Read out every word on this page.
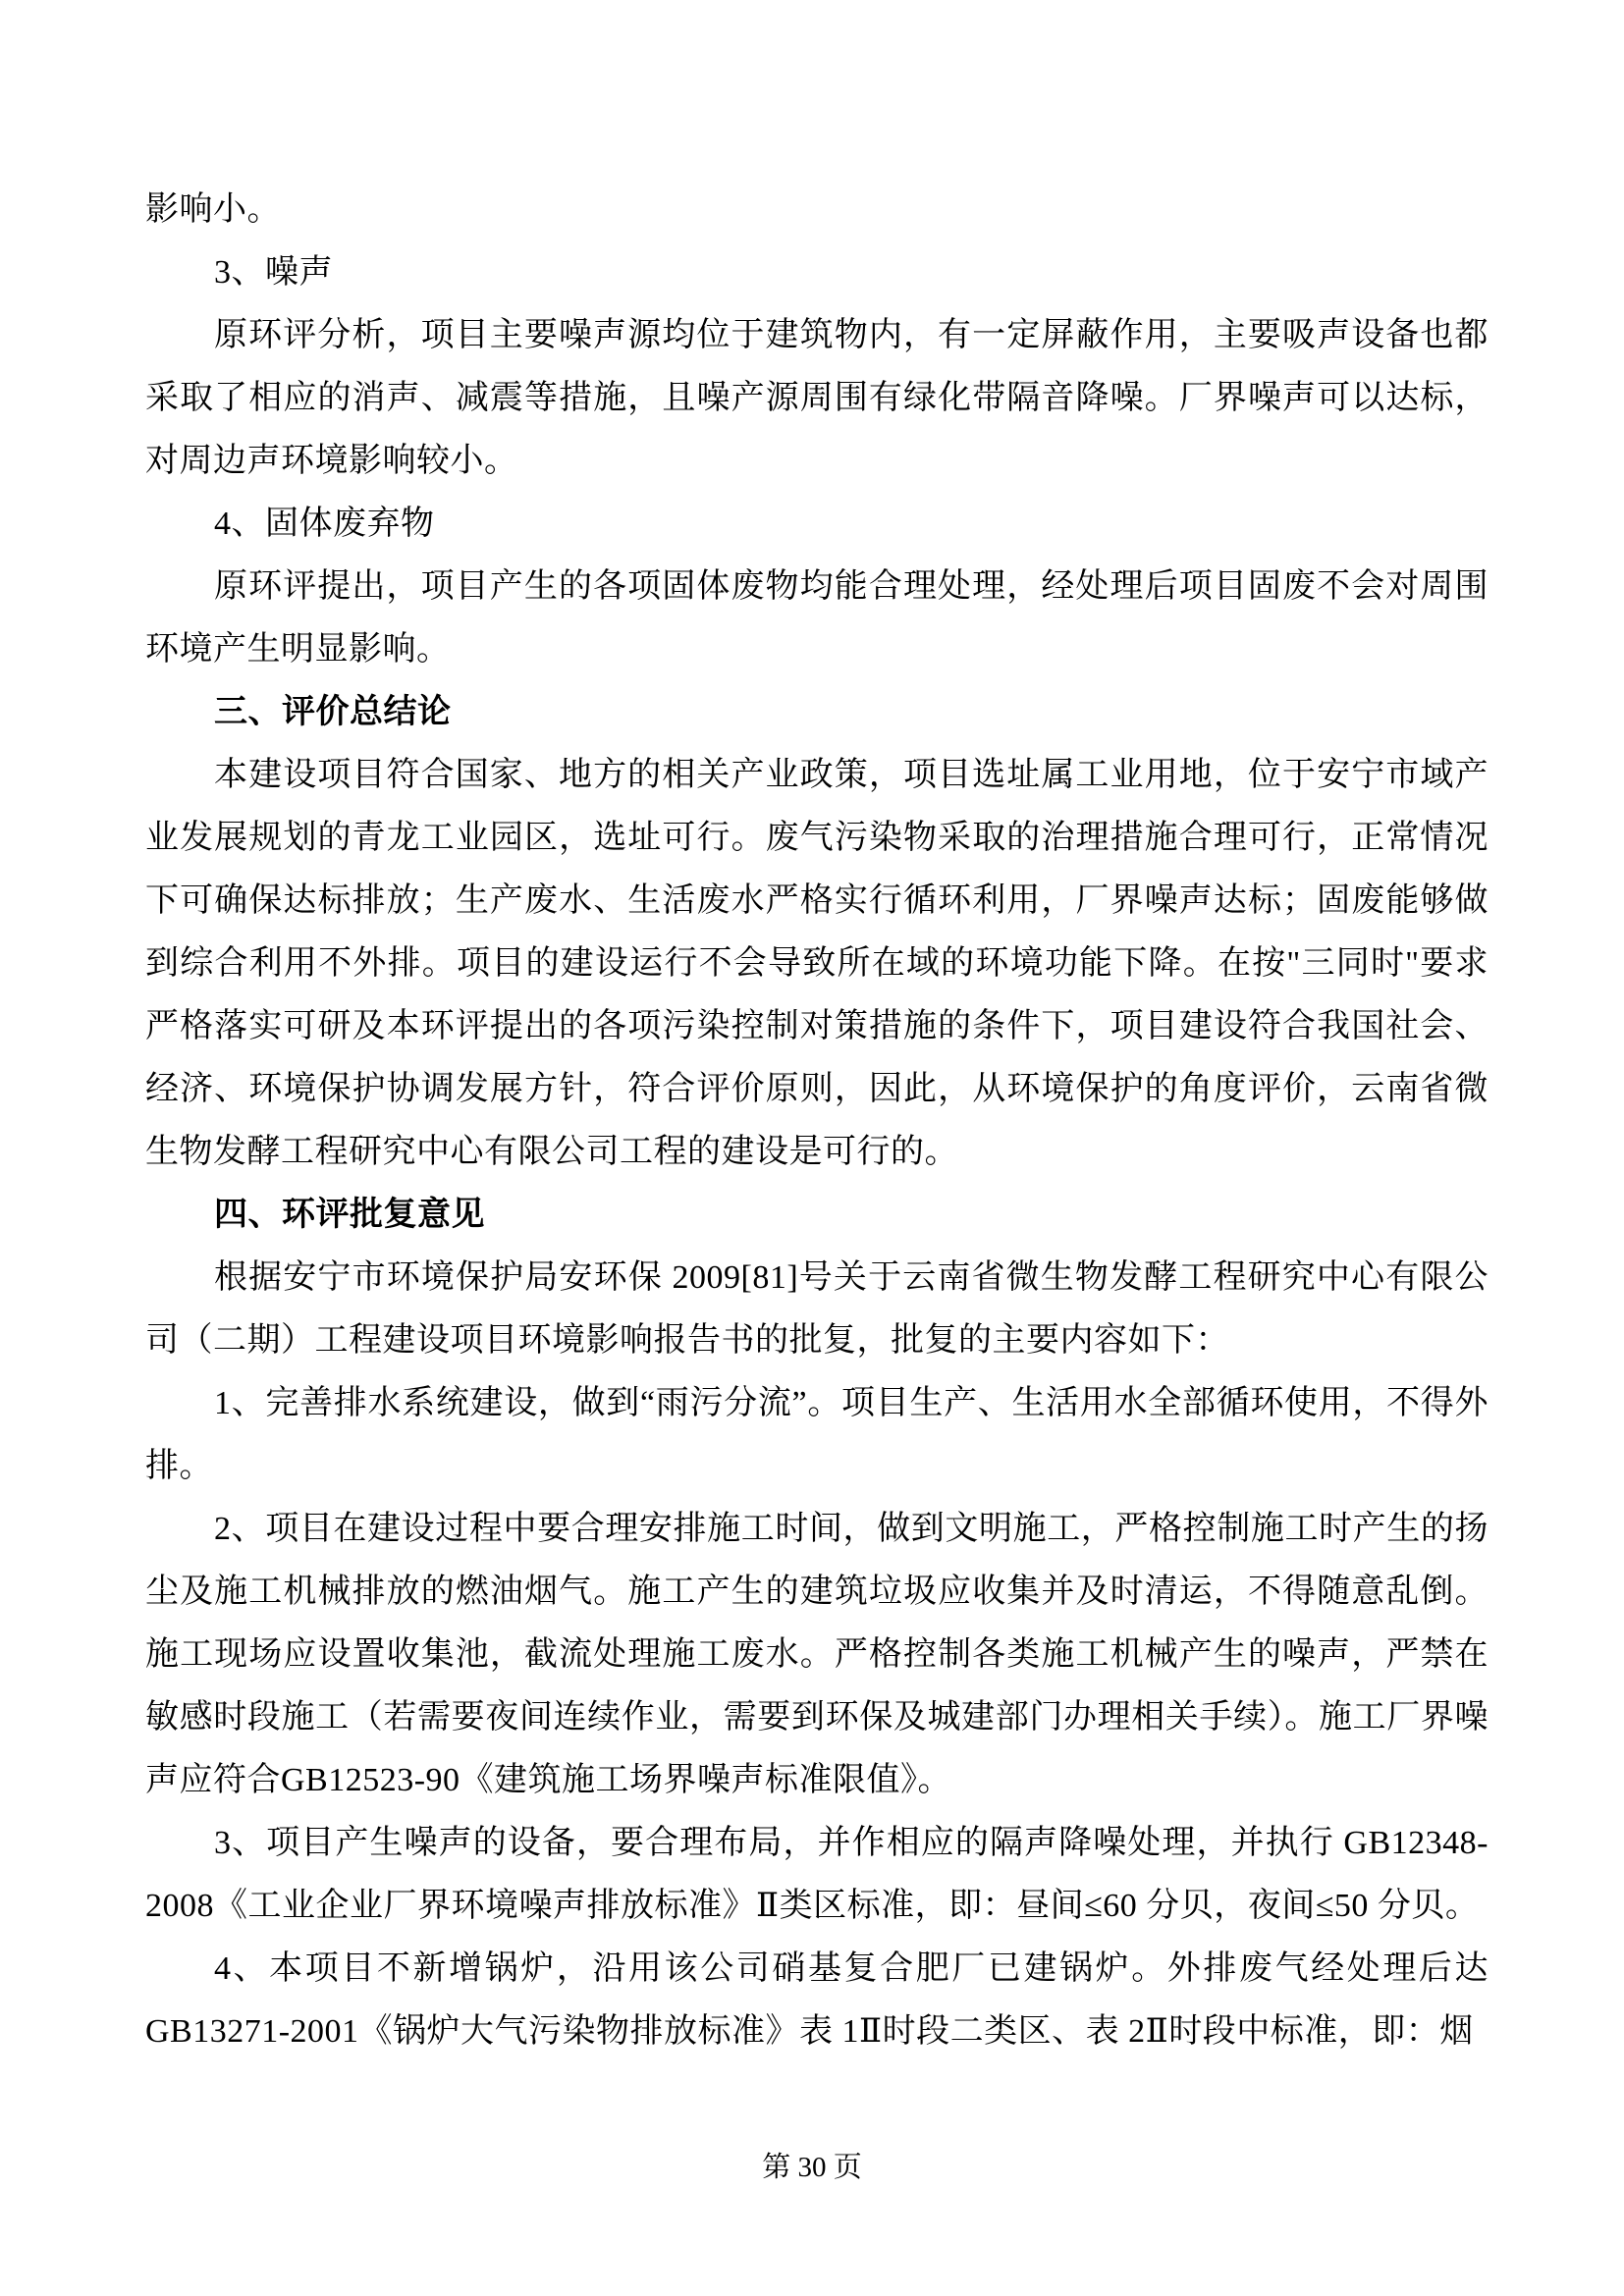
影响小。

3、噪声

原环评分析，项目主要噪声源均位于建筑物内，有一定屏蔽作用，主要吸声设备也都采取了相应的消声、减震等措施，且噪产源周围有绿化带隔音降噪。厂界噪声可以达标，对周边声环境影响较小。

4、固体废弃物

原环评提出，项目产生的各项固体废物均能合理处理，经处理后项目固废不会对周围环境产生明显影响。

三、评价总结论

本建设项目符合国家、地方的相关产业政策，项目选址属工业用地，位于安宁市域产业发展规划的青龙工业园区，选址可行。废气污染物采取的治理措施合理可行，正常情况下可确保达标排放；生产废水、生活废水严格实行循环利用，厂界噪声达标；固废能够做到综合利用不外排。项目的建设运行不会导致所在域的环境功能下降。在按"三同时"要求严格落实可研及本环评提出的各项污染控制对策措施的条件下，项目建设符合我国社会、经济、环境保护协调发展方针，符合评价原则，因此，从环境保护的角度评价，云南省微生物发酵工程研究中心有限公司工程的建设是可行的。

四、环评批复意见

根据安宁市环境保护局安环保 2009[81]号关于云南省微生物发酵工程研究中心有限公司（二期）工程建设项目环境影响报告书的批复，批复的主要内容如下：

1、完善排水系统建设，做到“雨污分流”。项目生产、生活用水全部循环使用，不得外排。

2、项目在建设过程中要合理安排施工时间，做到文明施工，严格控制施工时产生的扬尘及施工机械排放的燃油烟气。施工产生的建筑垃圾应收集并及时清运，不得随意乱倒。施工现场应设置收集池，截流处理施工废水。严格控制各类施工机械产生的噪声，严禁在敏感时段施工（若需要夜间连续作业，需要到环保及城建部门办理相关手续）。施工厂界噪声应符合GB12523-90《建筑施工场界噪声标准限值》。

3、项目产生噪声的设备，要合理布局，并作相应的隔声降噪处理，并执行 GB12348-2008《工业企业厂界环境噪声排放标准》Ⅱ类区标准，即：昼间≤60 分贝，夜间≤50 分贝。

4、本项目不新增锅炉，沿用该公司硝基复合肥厂已建锅炉。外排废气经处理后达GB13271-2001《锅炉大气污染物排放标准》表 1Ⅱ时段二类区、表 2Ⅱ时段中标准，即：烟

第 30 页
